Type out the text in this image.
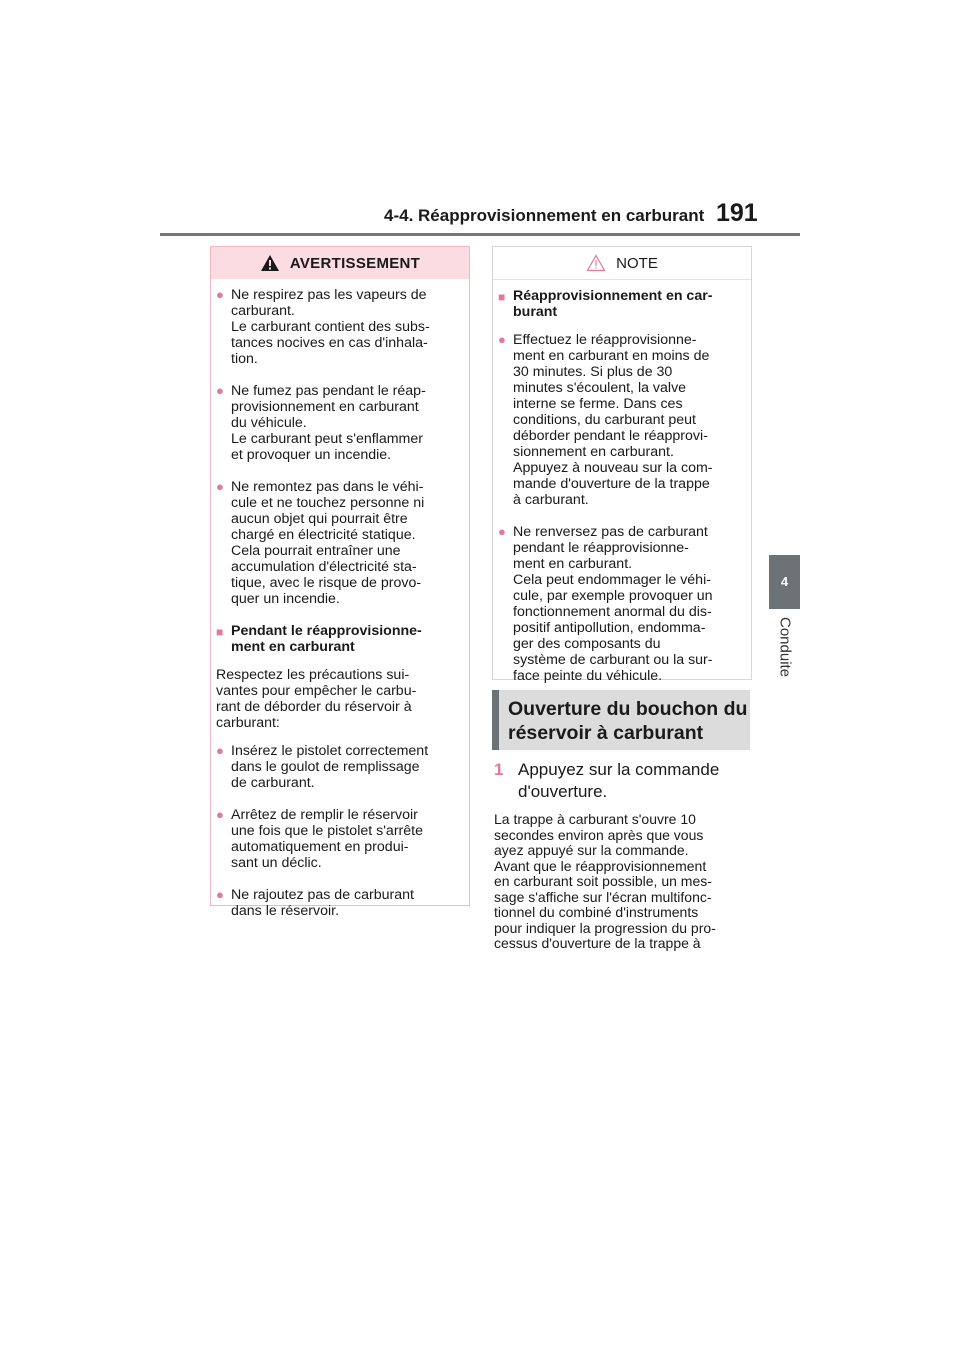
4-4. Réapprovisionnement en carburant 191
4
Conduite
AVERTISSEMENT
● Ne respirez pas les vapeurs de
carburant.
Le carburant contient des subs-
tances nocives en cas d'inhala-
tion.
● Ne fumez pas pendant le réap-
provisionnement en carburant
du véhicule.
Le carburant peut s'enflammer
et provoquer un incendie.
● Ne remontez pas dans le véhi-
cule et ne touchez personne ni
aucun objet qui pourrait être
chargé en électricité statique.
Cela pourrait entraîner une
accumulation d'électricité sta-
tique, avec le risque de provo-
quer un incendie.
■ Pendant le réapprovisionne-
ment en carburant
Respectez les précautions sui-
vantes pour empêcher le carbu-
rant de déborder du réservoir à
carburant:
● Insérez le pistolet correctement
dans le goulot de remplissage
de carburant.
● Arrêtez de remplir le réservoir
une fois que le pistolet s'arrête
automatiquement en produi-
sant un déclic.
● Ne rajoutez pas de carburant
dans le réservoir.
NOTE
■ Réapprovisionnement en car-
burant
● Effectuez le réapprovisionne-
ment en carburant en moins de
30 minutes. Si plus de 30
minutes s'écoulent, la valve
interne se ferme. Dans ces
conditions, du carburant peut
déborder pendant le réapprovi-
sionnement en carburant.
Appuyez à nouveau sur la com-
mande d'ouverture de la trappe
à carburant.
● Ne renversez pas de carburant
pendant le réapprovisionne-
ment en carburant.
Cela peut endommager le véhi-
cule, par exemple provoquer un
fonctionnement anormal du dis-
positif antipollution, endomma-
ger des composants du
système de carburant ou la sur-
face peinte du véhicule.
Ouverture du bouchon du
réservoir à carburant
1 Appuyez sur la commande
d'ouverture.
La trappe à carburant s'ouvre 10
secondes environ après que vous
ayez appuyé sur la commande.
Avant que le réapprovisionnement
en carburant soit possible, un mes-
sage s'affiche sur l'écran multifonc-
tionnel du combiné d'instruments
pour indiquer la progression du pro-
cessus d'ouverture de la trappe à
